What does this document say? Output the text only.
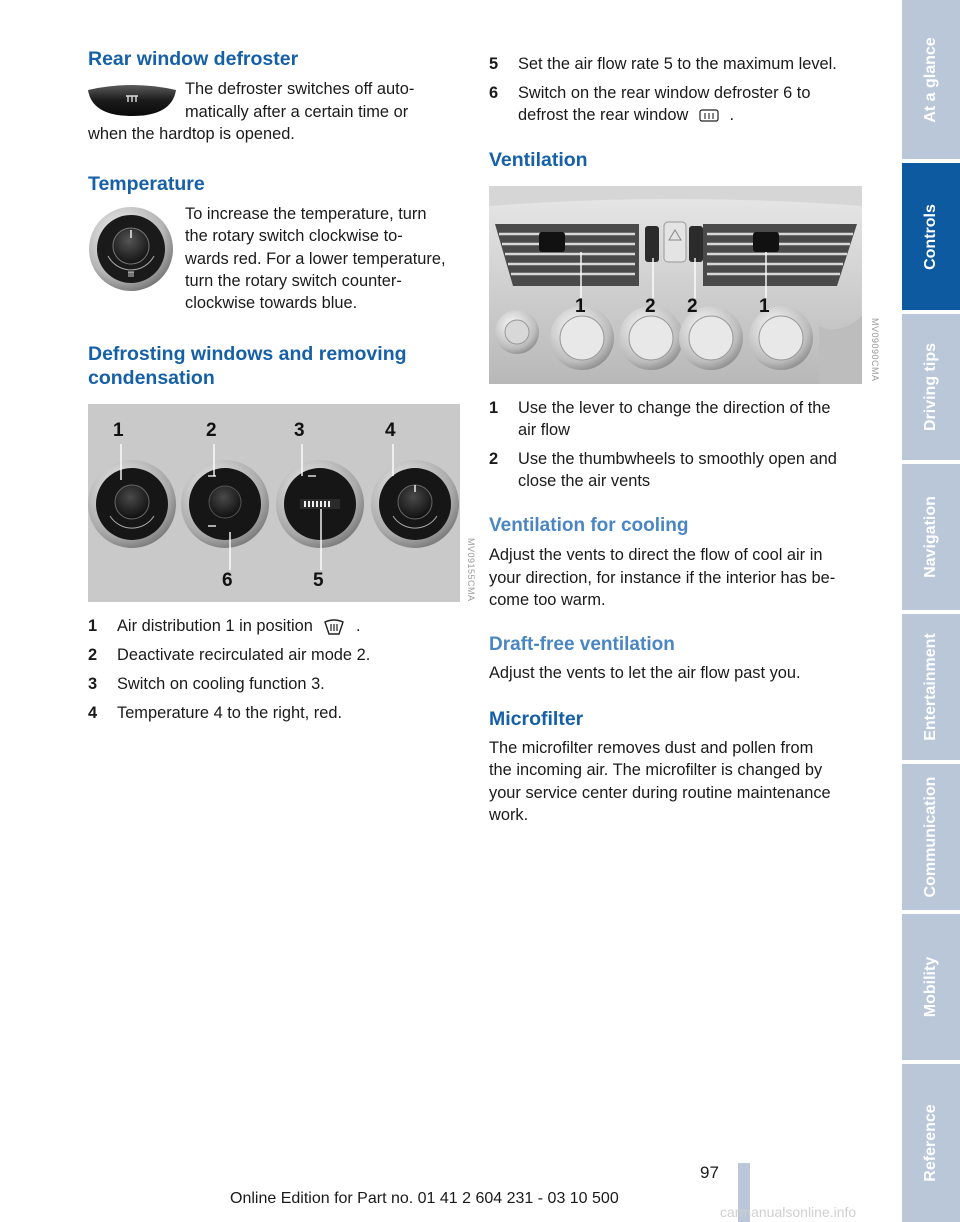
Rear window defroster
The defroster switches off auto-
matically after a certain time or
when the hardtop is opened.
Temperature
To increase the temperature, turn
the rotary switch clockwise to-
wards red. For a lower temperature,
turn the rotary switch counter-
clockwise towards blue.
Defrosting windows and removing
condensation
1	2	3	4
6	5	MV09155CMA
1 Air distribution 1 in position	.
2 Deactivate recirculated air mode 2.
3 Switch on cooling function 3.
4 Temperature 4 to the right, red.
5 Set the air flow rate 5 to the maximum level.
6 Switch on the rear window defroster 6 to
defrost the rear window	.
Ventilation
1	2 2	1
MV09090CMA
1 Use the lever to change the direction of the
air flow
2 Use the thumbwheels to smoothly open and
close the air vents
Ventilation for cooling
Adjust the vents to direct the flow of cool air in
your direction, for instance if the interior has be-
come too warm.
Draft-free ventilation
Adjust the vents to let the air flow past you.
Microfilter
The microfilter removes dust and pollen from
the incoming air. The microfilter is changed by
your service center during routine maintenance
work.
At a glance
Controls
Driving tips
Navigation
Entertainment
Communication
Mobility
Reference
97
Online Edition for Part no. 01 41 2 604 231 - 03 10 500
carmanualsonline.info
